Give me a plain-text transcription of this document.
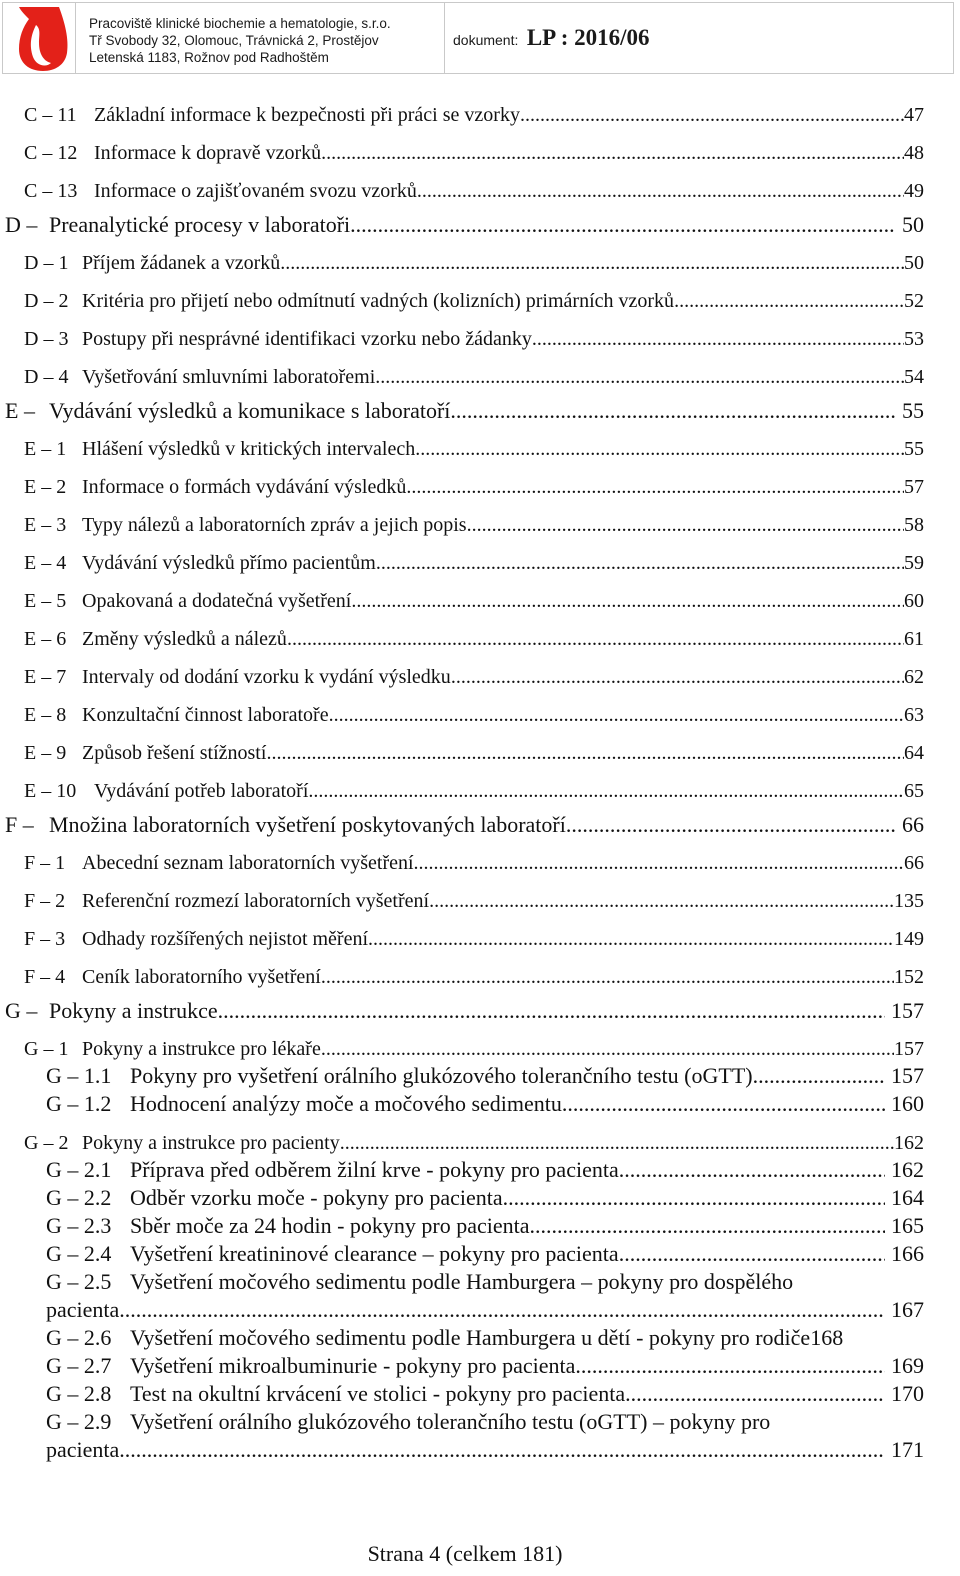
Pracoviště klinické biochemie a hematologie, s.r.o.
Tř Svobody 32, Olomouc, Trávnická 2, Prostějov
Letenská 1183, Rožnov pod Radhoštěm
dokument: LP : 2016/06
C – 11 Základní informace k bezpečnosti při práci se vzorky .....	47
C – 12 Informace k dopravě vzorků .....	48
C – 13 Informace o zajišťovaném svozu vzorků .....	49
D – Preanalytické procesy v laboratoři .....	50
D – 1 Příjem žádanek a vzorků .....	50
D – 2 Kritéria pro přijetí nebo odmítnutí vadných (kolizních) primárních vzorků .....	52
D – 3 Postupy při nesprávné identifikaci vzorku nebo žádanky .....	53
D – 4 Vyšetřování smluvními laboratořemi .....	54
E – Vydávání výsledků a komunikace s laboratoří .....	55
E – 1 Hlášení výsledků v kritických intervalech .....	55
E – 2 Informace o formách vydávání výsledků .....	57
E – 3 Typy nálezů a laboratorních zpráv a jejich popis .....	58
E – 4 Vydávání výsledků přímo pacientům .....	59
E – 5 Opakovaná a dodatečná vyšetření .....	60
E – 6 Změny výsledků a nálezů .....	61
E – 7 Intervaly od dodání vzorku k vydání výsledku .....	62
E – 8 Konzultační činnost laboratoře .....	63
E – 9 Způsob řešení stížností .....	64
E – 10 Vydávání potřeb laboratoří .....	65
F – Množina laboratorních vyšetření poskytovaných laboratoří .....	66
F – 1 Abecední seznam laboratorních vyšetření .....	66
F – 2 Referenční rozmezí laboratorních vyšetření .....	135
F – 3 Odhady rozšířených nejistot měření .....	149
F – 4 Ceník laboratorního vyšetření .....	152
G – Pokyny a instrukce .....	157
G – 1 Pokyny a instrukce pro lékaře .....	157
G – 1.1 Pokyny pro vyšetření orálního glukózového tolerančního testu (oGTT) .....	157
G – 1.2 Hodnocení analýzy moče a močového sedimentu .....	160
G – 2 Pokyny a instrukce pro pacienty .....	162
G – 2.1 Příprava před odběrem žilní krve - pokyny pro pacienta .....	162
G – 2.2 Odběr vzorku moče - pokyny pro pacienta .....	164
G – 2.3 Sběr moče za 24 hodin - pokyny pro pacienta .....	165
G – 2.4 Vyšetření kreatininové clearance – pokyny pro pacienta .....	166
G – 2.5 Vyšetření močového sedimentu podle Hamburgera – pokyny pro dospělého
pacienta .....	167
G – 2.6 Vyšetření močového sedimentu podle Hamburgera u dětí - pokyny pro rodiče 168
G – 2.7 Vyšetření mikroalbuminurie - pokyny pro pacienta .....	169
G – 2.8 Test na okultní krvácení ve stolici - pokyny pro pacienta .....	170
G – 2.9 Vyšetření orálního glukózového tolerančního testu (oGTT) – pokyny pro
pacienta .....	171
Strana 4 (celkem 181)
